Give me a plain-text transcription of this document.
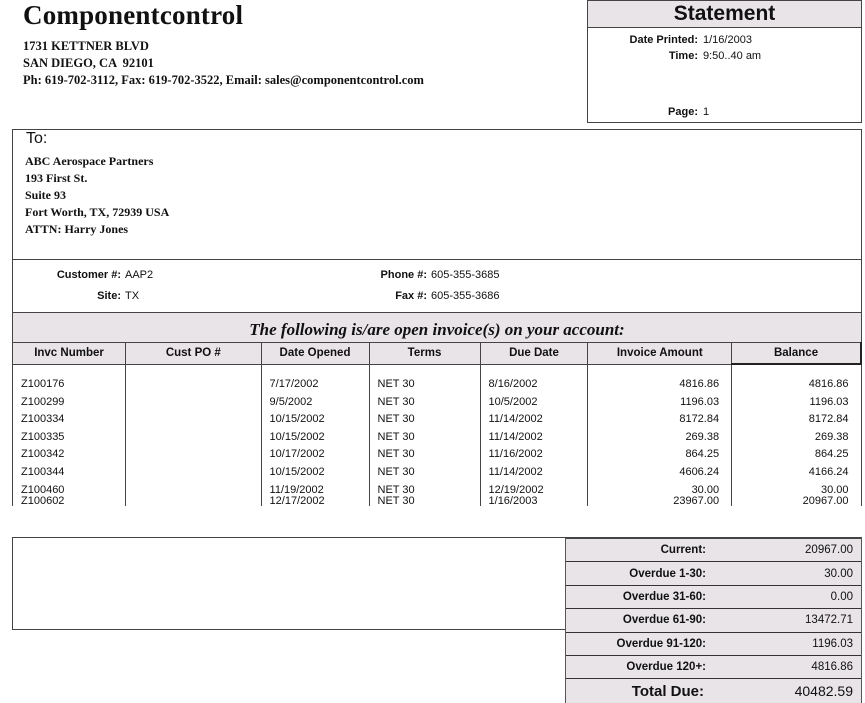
Componentcontrol
1731 KETTNER BLVD
SAN DIEGO, CA  92101
Ph: 619-702-3112, Fax: 619-702-3522, Email: sales@componentcontrol.com
Statement
Date Printed: 1/16/2003
Time: 9:50..40 am
Page: 1
To:
ABC Aerospace Partners
193 First St.
Suite 93
Fort Worth, TX, 72939 USA
ATTN: Harry Jones
Customer #: AAP2
Site: TX
Phone #: 605-355-3685
Fax #: 605-355-3686
The following is/are open invoice(s) on your account:
Invc Number	Cust PO #	Date Opened	Terms	Due Date	Invoice Amount	Balance
Z100176		7/17/2002	NET 30	8/16/2002	4816.86	4816.86
Z100299		9/5/2002	NET 30	10/5/2002	1196.03	1196.03
Z100334		10/15/2002	NET 30	11/14/2002	8172.84	8172.84
Z100335		10/15/2002	NET 30	11/14/2002	269.38	269.38
Z100342		10/17/2002	NET 30	11/16/2002	864.25	864.25
Z100344		10/15/2002	NET 30	11/14/2002	4606.24	4166.24
Z100460		11/19/2002	NET 30	12/19/2002	30.00	30.00
Z100602		12/17/2002	NET 30	1/16/2003	23967.00	20967.00
Current:	20967.00
Overdue 1-30:	30.00
Overdue 31-60:	0.00
Overdue 61-90:	13472.71
Overdue 91-120:	1196.03
Overdue 120+:	4816.86
Total Due:	40482.59
